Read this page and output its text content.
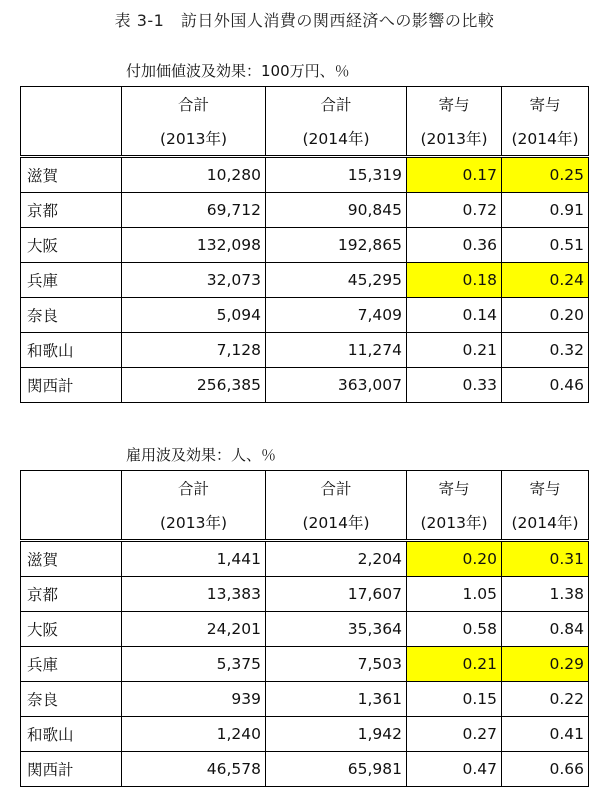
表 3-1　訪日外国人消費の関西経済への影響の比較
付加価値波及効果：100万円、％
	合計	合計	寄与	寄与
	(2013年)	(2014年)	(2013年)	(2014年)
滋賀	10,280	15,319	0.17	0.25
京都	69,712	90,845	0.72	0.91
大阪	132,098	192,865	0.36	0.51
兵庫	32,073	45,295	0.18	0.24
奈良	5,094	7,409	0.14	0.20
和歌山	7,128	11,274	0.21	0.32
関西計	256,385	363,007	0.33	0.46
雇用波及効果：人、％
	合計	合計	寄与	寄与
	(2013年)	(2014年)	(2013年)	(2014年)
滋賀	1,441	2,204	0.20	0.31
京都	13,383	17,607	1.05	1.38
大阪	24,201	35,364	0.58	0.84
兵庫	5,375	7,503	0.21	0.29
奈良	939	1,361	0.15	0.22
和歌山	1,240	1,942	0.27	0.41
関西計	46,578	65,981	0.47	0.66
